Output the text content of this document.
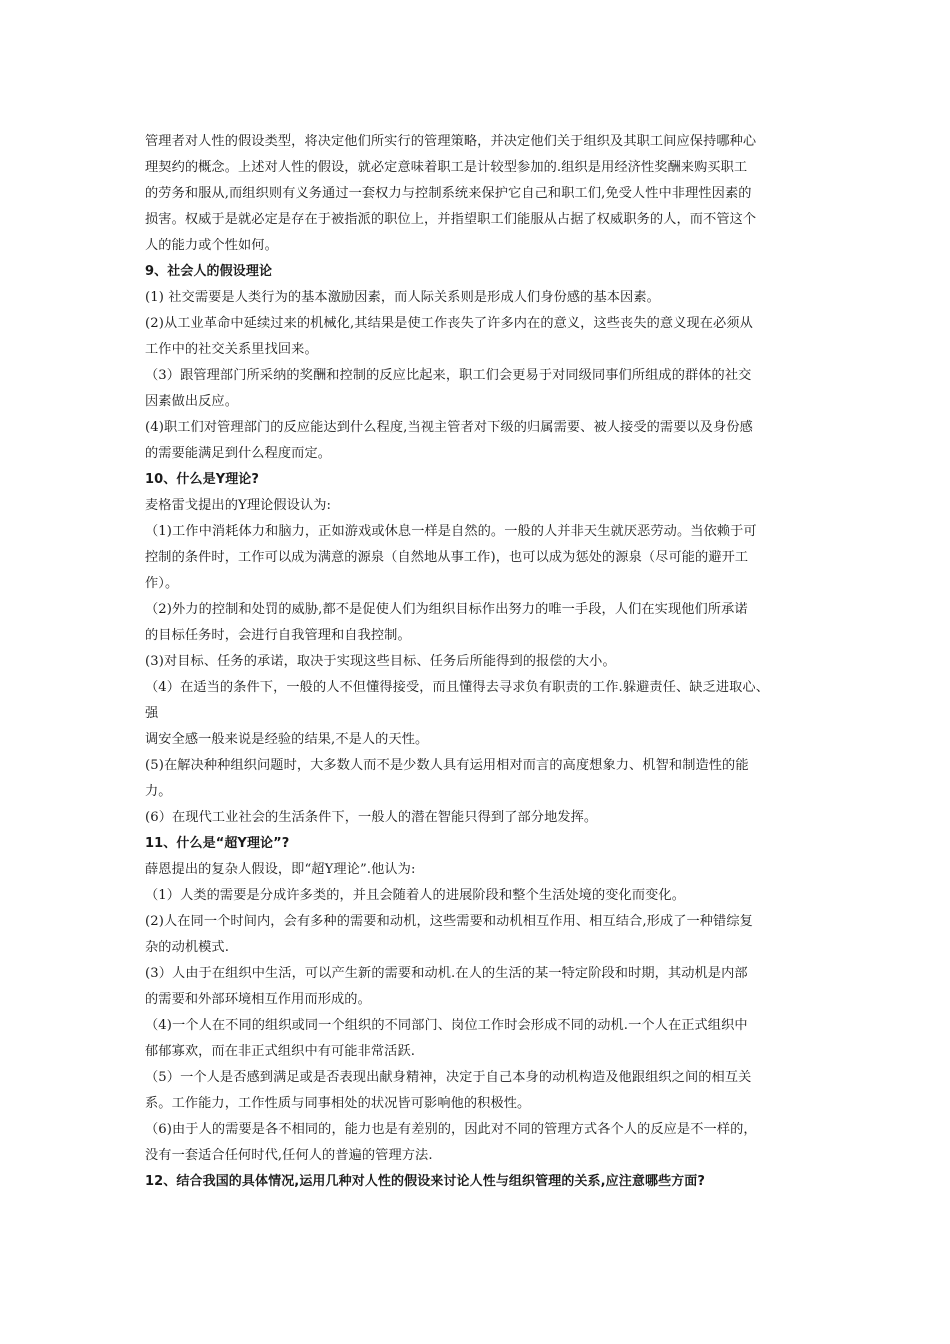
管理者对人性的假设类型，将决定他们所实行的管理策略，并决定他们关于组织及其职工间应保持哪种心
理契约的概念。上述对人性的假设，就必定意味着职工是计较型参加的.组织是用经济性奖酬来购买职工
的劳务和服从,而组织则有义务通过一套权力与控制系统来保护它自己和职工们,免受人性中非理性因素的
损害。权威于是就必定是存在于被指派的职位上，并指望职工们能服从占据了权威职务的人，而不管这个
人的能力或个性如何。
9、社会人的假设理论
(1) 社交需要是人类行为的基本激励因素，而人际关系则是形成人们身份感的基本因素。
(2)从工业革命中延续过来的机械化,其结果是使工作丧失了许多内在的意义，这些丧失的意义现在必须从
工作中的社交关系里找回来。
（3）跟管理部门所采纳的奖酬和控制的反应比起来，职工们会更易于对同级同事们所组成的群体的社交
因素做出反应。
(4)职工们对管理部门的反应能达到什么程度,当视主管者对下级的归属需要、被人接受的需要以及身份感
的需要能满足到什么程度而定。
10、什么是Y理论?
麦格雷戈提出的Y理论假设认为:
（1)工作中消耗体力和脑力，正如游戏或休息一样是自然的。一般的人并非天生就厌恶劳动。当依赖于可
控制的条件时，工作可以成为满意的源泉（自然地从事工作)，也可以成为惩处的源泉（尽可能的避开工
作）。
（2)外力的控制和处罚的威胁,都不是促使人们为组织目标作出努力的唯一手段，人们在实现他们所承诺
的目标任务时，会进行自我管理和自我控制。
(3)对目标、任务的承诺，取决于实现这些目标、任务后所能得到的报偿的大小。
（4）在适当的条件下，一般的人不但懂得接受，而且懂得去寻求负有职责的工作.躲避责任、缺乏进取心、
强
调安全感一般来说是经验的结果,不是人的天性。
(5)在解决种种组织问题时，大多数人而不是少数人具有运用相对而言的高度想象力、机智和制造性的能
力。
(6）在现代工业社会的生活条件下，一般人的潜在智能只得到了部分地发挥。
11、什么是“超Y理论”?
薛恩提出的复杂人假设，即“超Y理论”.他认为:
（1）人类的需要是分成许多类的，并且会随着人的进展阶段和整个生活处境的变化而变化。
(2)人在同一个时间内，会有多种的需要和动机，这些需要和动机相互作用、相互结合,形成了一种错综复
杂的动机模式.
(3）人由于在组织中生活，可以产生新的需要和动机.在人的生活的某一特定阶段和时期，其动机是内部
的需要和外部环境相互作用而形成的。
（4)一个人在不同的组织或同一个组织的不同部门、岗位工作时会形成不同的动机.一个人在正式组织中
郁郁寡欢，而在非正式组织中有可能非常活跃.
（5）一个人是否感到满足或是否表现出献身精神，决定于自己本身的动机构造及他跟组织之间的相互关
系。工作能力，工作性质与同事相处的状况皆可影响他的积极性。
（6)由于人的需要是各不相同的，能力也是有差别的，因此对不同的管理方式各个人的反应是不一样的，
没有一套适合任何时代,任何人的普遍的管理方法.
12、结合我国的具体情况,运用几种对人性的假设来讨论人性与组织管理的关系,应注意哪些方面?
